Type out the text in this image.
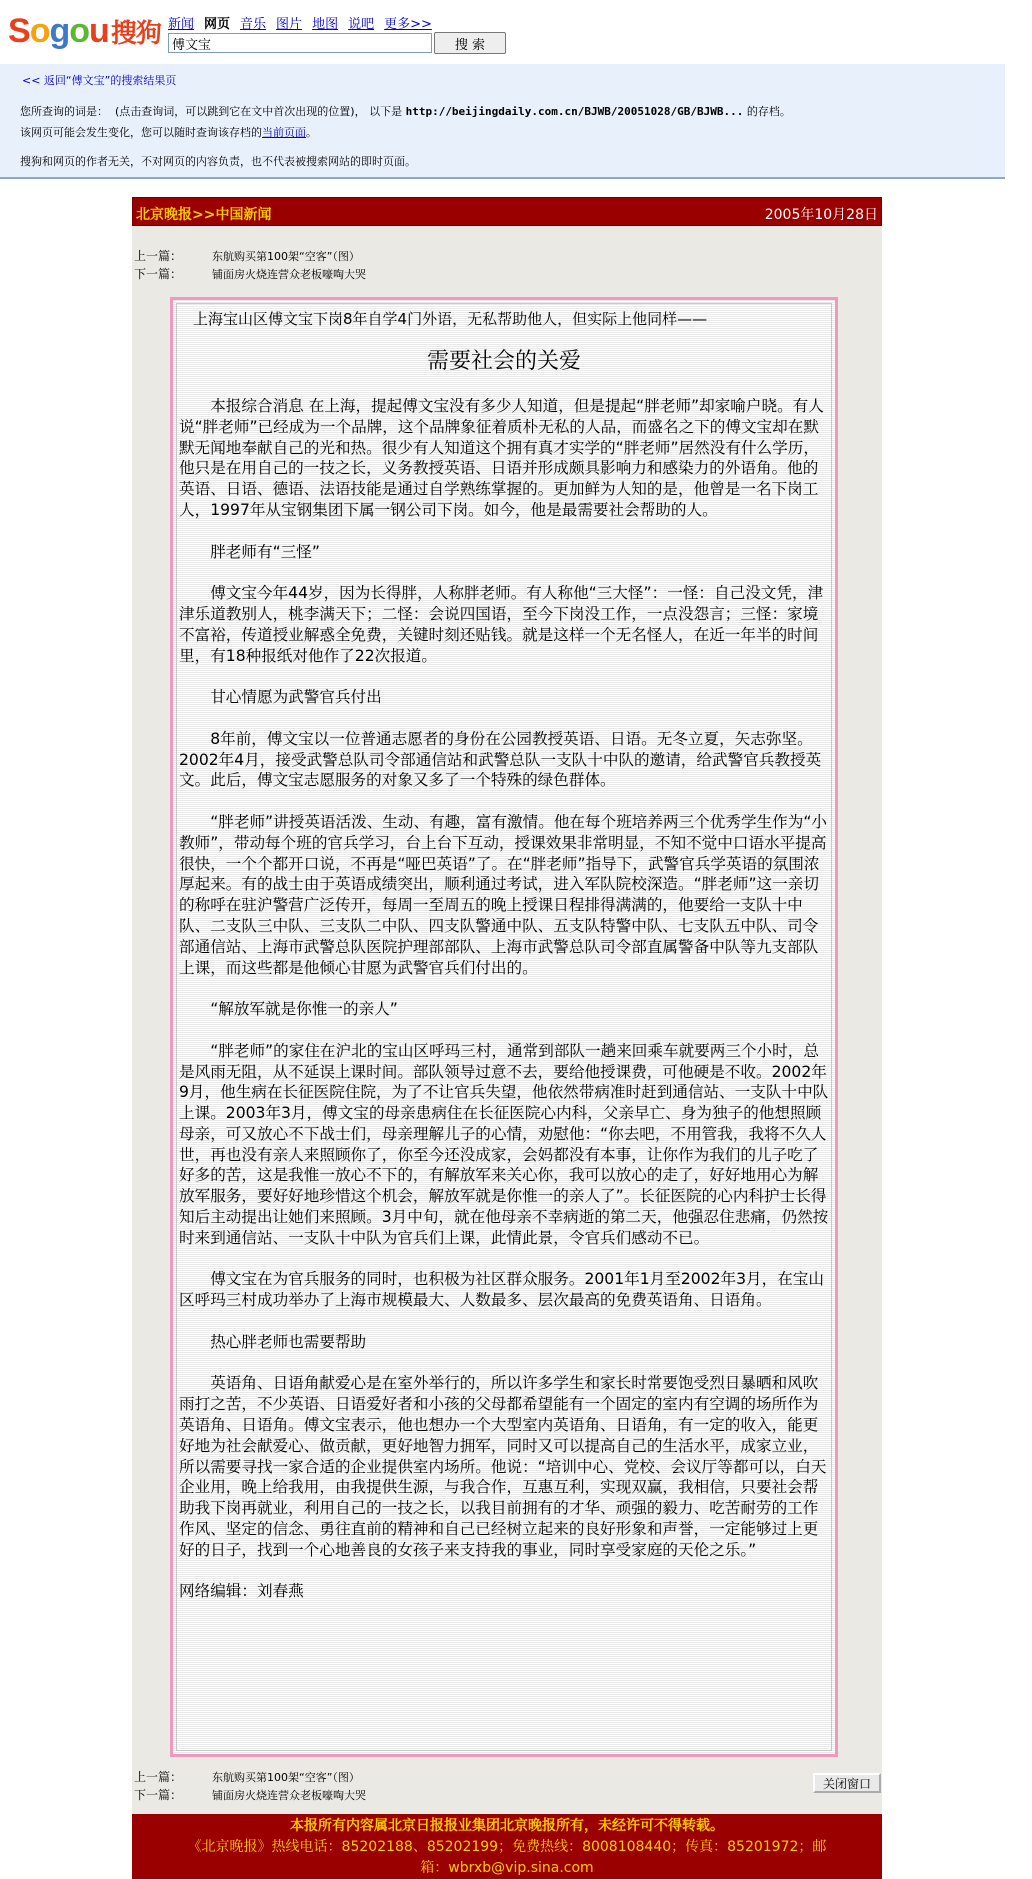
Sogou搜狗 新闻 网页 音乐 图片 地图 说吧 更多>>
傅文宝
搜 索
<< 返回“傅文宝”的搜索结果页
您所查询的词是： (点击查询词，可以跳到它在文中首次出现的位置)， 以下是 http://beijingdaily.com.cn/BJWB/20051028/GB/BJWB... 的存档。
该网页可能会发生变化，您可以随时查询该存档的当前页面。
搜狗和网页的作者无关，不对网页的内容负责，也不代表被搜索网站的即时页面。
北京晚报>>中国新闻	2005年10月28日
上一篇：	东航购买第100架“空客”（图）
下一篇：	铺面房火烧连营众老板嚎啕大哭
上海宝山区傅文宝下岗8年自学4门外语，无私帮助他人，但实际上他同样——
需要社会的关爱

本报综合消息 在上海，提起傅文宝没有多少人知道，但是提起“胖老师”却家喻户晓。有人说“胖老师”已经成为一个品牌，这个品牌象征着质朴无私的人品，而盛名之下的傅文宝却在默默无闻地奉献自己的光和热。很少有人知道这个拥有真才实学的“胖老师”居然没有什么学历，他只是在用自己的一技之长，义务教授英语、日语并形成颇具影响力和感染力的外语角。他的英语、日语、德语、法语技能是通过自学熟练掌握的。更加鲜为人知的是，他曾是一名下岗工人，1997年从宝钢集团下属一钢公司下岗。如今，他是最需要社会帮助的人。

胖老师有“三怪”

傅文宝今年44岁，因为长得胖，人称胖老师。有人称他“三大怪”：一怪：自己没文凭，津津乐道教别人，桃李满天下；二怪：会说四国语，至今下岗没工作，一点没怨言；三怪：家境不富裕，传道授业解惑全免费，关键时刻还贴钱。就是这样一个无名怪人，在近一年半的时间里，有18种报纸对他作了22次报道。

甘心情愿为武警官兵付出

8年前，傅文宝以一位普通志愿者的身份在公园教授英语、日语。无冬立夏，矢志弥坚。2002年4月，接受武警总队司令部通信站和武警总队一支队十中队的邀请，给武警官兵教授英文。此后，傅文宝志愿服务的对象又多了一个特殊的绿色群体。

“胖老师”讲授英语活泼、生动、有趣，富有激情。他在每个班培养两三个优秀学生作为“小教师”，带动每个班的官兵学习，台上台下互动，授课效果非常明显，不知不觉中口语水平提高很快，一个个都开口说，不再是“哑巴英语”了。在“胖老师”指导下，武警官兵学英语的氛围浓厚起来。有的战士由于英语成绩突出，顺利通过考试，进入军队院校深造。“胖老师”这一亲切的称呼在驻沪警营广泛传开，每周一至周五的晚上授课日程排得满满的，他要给一支队十中队、二支队三中队、三支队二中队、四支队警通中队、五支队特警中队、七支队五中队、司令部通信站、上海市武警总队医院护理部部队、上海市武警总队司令部直属警备中队等九支部队上课，而这些都是他倾心甘愿为武警官兵们付出的。

“解放军就是你惟一的亲人”

“胖老师”的家住在沪北的宝山区呼玛三村，通常到部队一趟来回乘车就要两三个小时，总是风雨无阻，从不延误上课时间。部队领导过意不去，要给他授课费，可他硬是不收。2002年9月，他生病在长征医院住院，为了不让官兵失望，他依然带病准时赶到通信站、一支队十中队上课。2003年3月，傅文宝的母亲患病住在长征医院心内科，父亲早亡、身为独子的他想照顾母亲，可又放心不下战士们，母亲理解儿子的心情，劝慰他：“你去吧，不用管我，我将不久人世，再也没有亲人来照顾你了，你至今还没成家，会妈都没有本事，让你作为我们的儿子吃了好多的苦，这是我惟一放心不下的，有解放军来关心你，我可以放心的走了，好好地用心为解放军服务，要好好地珍惜这个机会，解放军就是你惟一的亲人了”。长征医院的心内科护士长得知后主动提出让她们来照顾。3月中旬，就在他母亲不幸病逝的第二天，他强忍住悲痛，仍然按时来到通信站、一支队十中队为官兵们上课，此情此景，令官兵们感动不已。

傅文宝在为官兵服务的同时，也积极为社区群众服务。2001年1月至2002年3月，在宝山区呼玛三村成功举办了上海市规模最大、人数最多、层次最高的免费英语角、日语角。

热心胖老师也需要帮助

英语角、日语角献爱心是在室外举行的，所以许多学生和家长时常要饱受烈日暴晒和风吹雨打之苦，不少英语、日语爱好者和小孩的父母都希望能有一个固定的室内有空调的场所作为英语角、日语角。傅文宝表示，他也想办一个大型室内英语角、日语角，有一定的收入，能更好地为社会献爱心、做贡献，更好地智力拥军，同时又可以提高自己的生活水平，成家立业，所以需要寻找一家合适的企业提供室内场所。他说：“培训中心、党校、会议厅等都可以，白天企业用，晚上给我用，由我提供生源，与我合作，互惠互利，实现双赢，我相信，只要社会帮助我下岗再就业，利用自己的一技之长，以我目前拥有的才华、顽强的毅力、吃苦耐劳的工作作风、坚定的信念、勇往直前的精神和自己已经树立起来的良好形象和声誉，一定能够过上更好的日子，找到一个心地善良的女孩子来支持我的事业，同时享受家庭的天伦之乐。”

网络编辑：刘春燕

上一篇：	东航购买第100架“空客”（图）
下一篇：	铺面房火烧连营众老板嚎啕大哭
关闭窗口
本报所有内容属北京日报报业集团北京晚报所有，未经许可不得转载。
《北京晚报》热线电话：85202188、85202199；免费热线：8008108440；传真：85201972；邮
箱：wbrxb@vip.sina.com
